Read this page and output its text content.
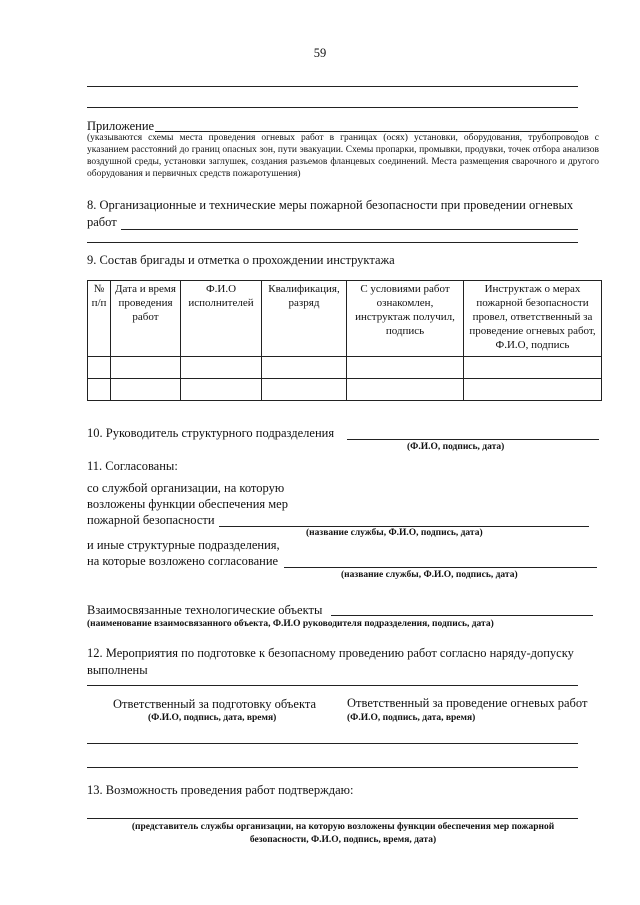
59
Приложение
(указываются схемы места проведения огневых работ в границах (осях) установки, оборудования, трубопроводов с указанием расстояний до границ опасных зон, пути эвакуации. Схемы пропарки, промывки, продувки, точек отбора анализов воздушной среды, установки заглушек, создания разъемов фланцевых соединений. Места размещения сварочного и другого оборудования и первичных средств пожаротушения)
8. Организационные и технические меры пожарной безопасности при проведении огневых
работ
9. Состав бригады и отметка о прохождении инструктажа
№ п/п	Дата и время проведения работ	Ф.И.О исполнителей	Квалификация, разряд	С условиями работ ознакомлен, инструктаж получил, подпись	Инструктаж о мерах пожарной безопасности провел, ответственный за проведение огневых работ, Ф.И.О, подпись

10. Руководитель структурного подразделения
(Ф.И.О, подпись, дата)
11. Согласованы:
со службой организации, на которую
возложены функции обеспечения мер
пожарной безопасности
(название службы, Ф.И.О, подпись, дата)
и иные структурные подразделения,
на которые возложено согласование
(название службы, Ф.И.О, подпись, дата)
Взаимосвязанные технологические объекты
(наименование взаимосвязанного объекта, Ф.И.О руководителя подразделения, подпись, дата)
12. Мероприятия по подготовке к безопасному проведению работ согласно наряду-допуску
выполнены
Ответственный за подготовку объекта
(Ф.И.О, подпись, дата, время)
Ответственный за проведение огневых работ
(Ф.И.О, подпись, дата, время)
13. Возможность проведения работ подтверждаю:
(представитель службы организации, на которую возложены функции обеспечения мер пожарной
безопасности, Ф.И.О, подпись, время, дата)
